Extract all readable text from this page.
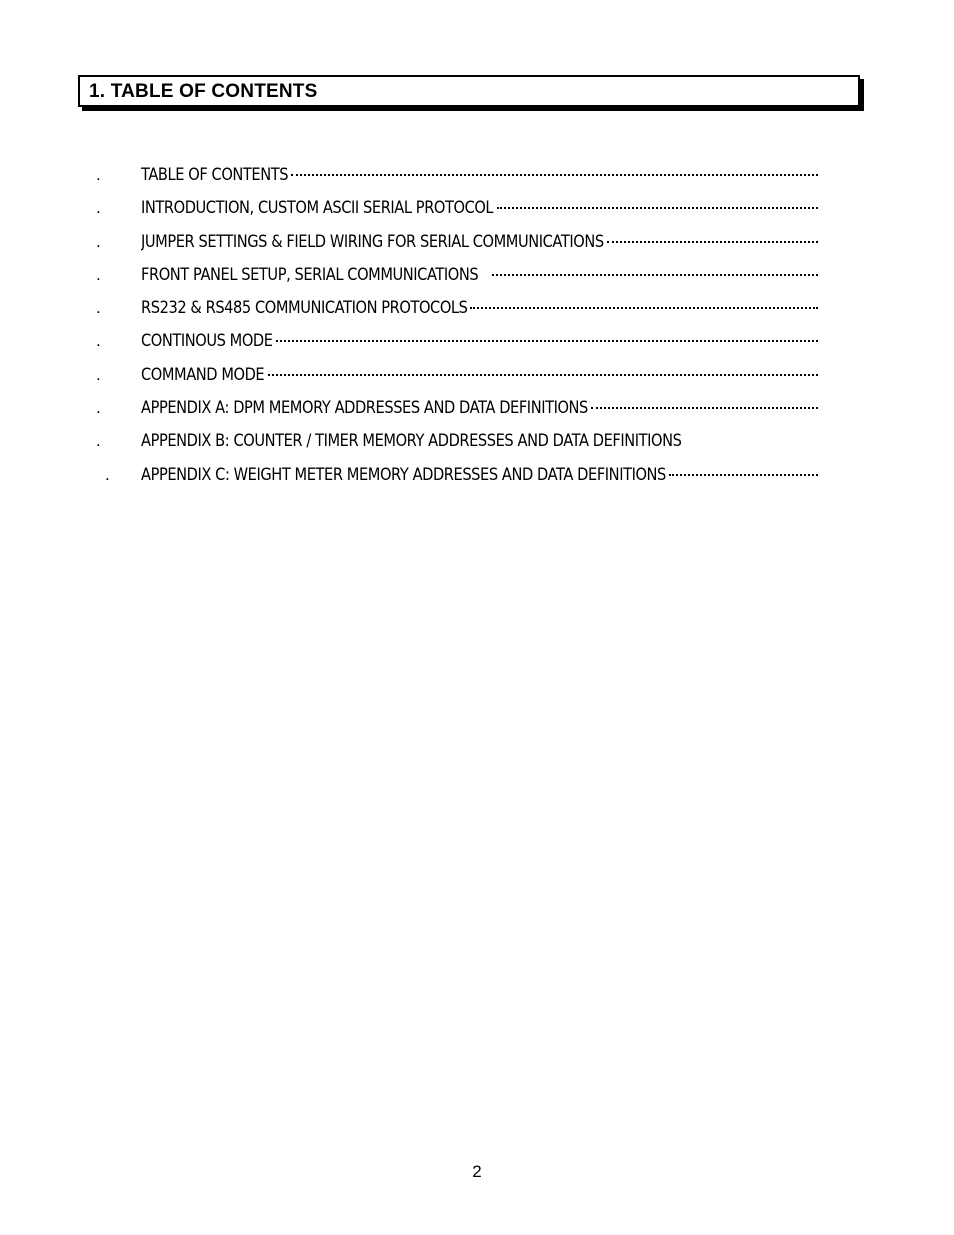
1. TABLE OF CONTENTS
. TABLE OF CONTENTS
. INTRODUCTION, CUSTOM ASCII SERIAL PROTOCOL
. JUMPER SETTINGS & FIELD WIRING FOR SERIAL COMMUNICATIONS
. FRONT PANEL SETUP, SERIAL COMMUNICATIONS
. RS232 & RS485 COMMUNICATION PROTOCOLS
. CONTINOUS MODE
. COMMAND MODE
. APPENDIX A: DPM MEMORY ADDRESSES AND DATA DEFINITIONS
. APPENDIX B: COUNTER / TIMER MEMORY ADDRESSES AND DATA DEFINITIONS
. APPENDIX C: WEIGHT METER MEMORY ADDRESSES AND DATA DEFINITIONS
2
